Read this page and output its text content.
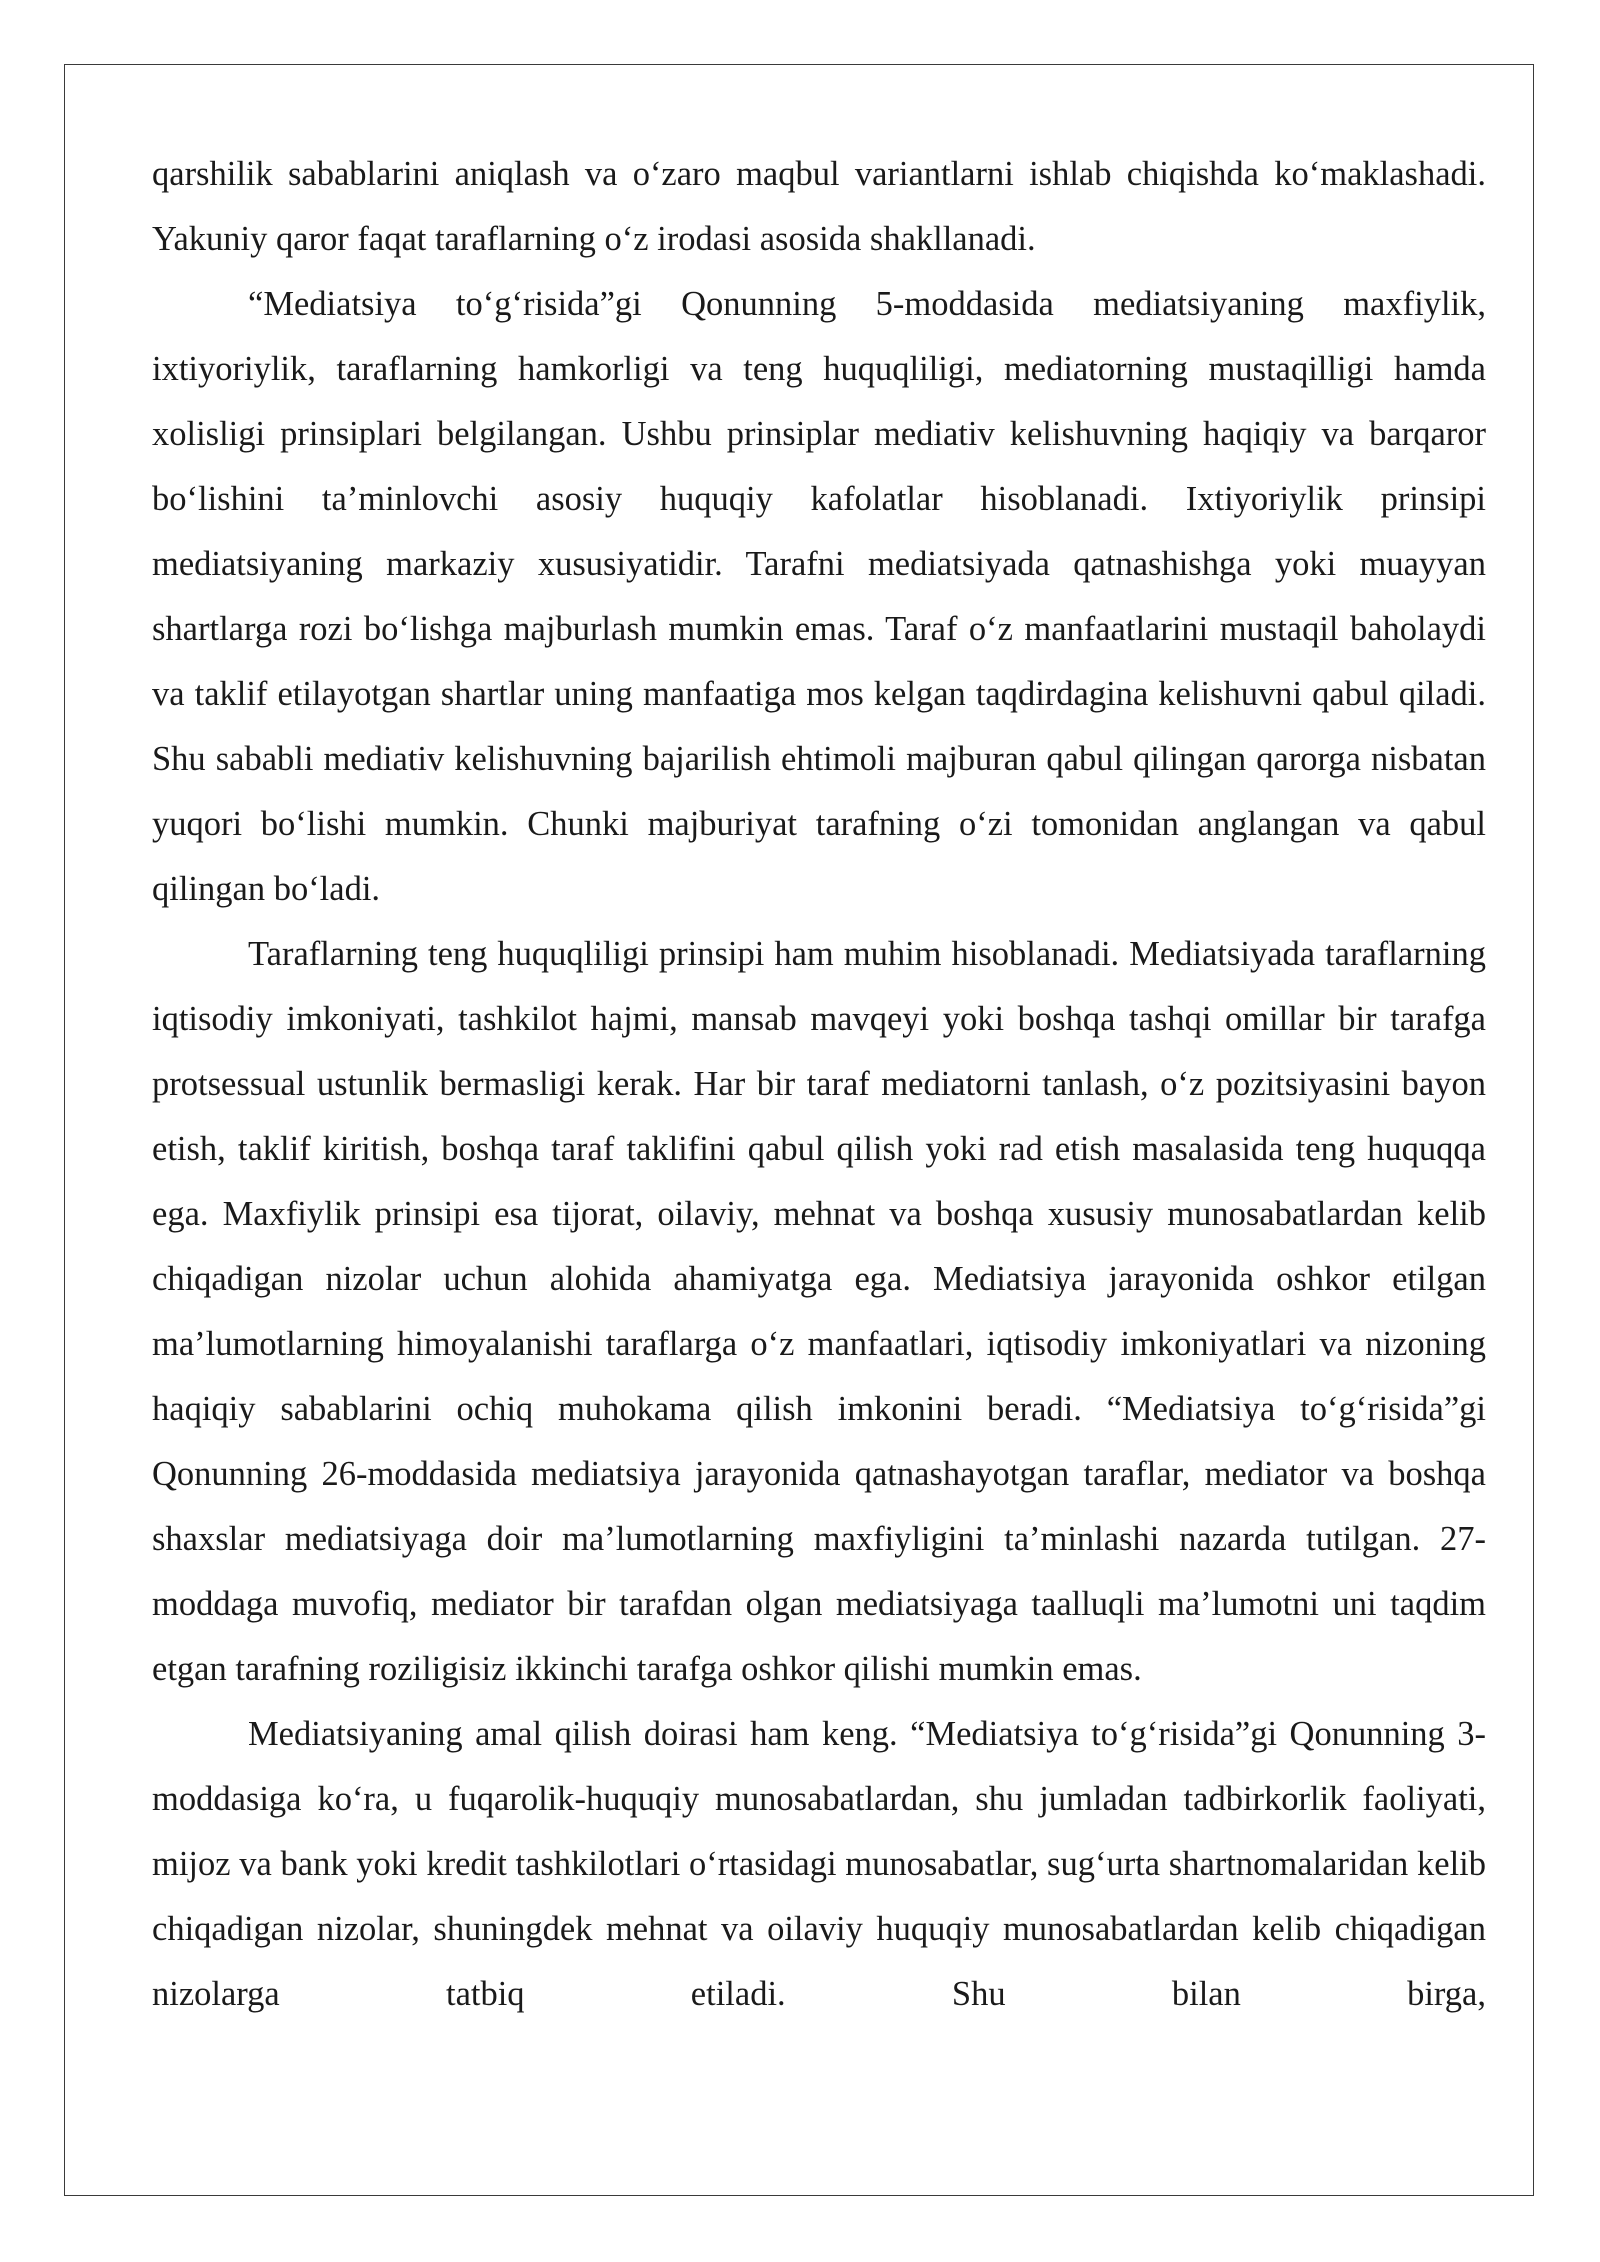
qarshilik sabablarini aniqlash va o‘zaro maqbul variantlarni ishlab chiqishda ko‘maklashadi. Yakuniy qaror faqat taraflarning o‘z irodasi asosida shakllanadi.

“Mediatsiya to‘g‘risida”gi Qonunning 5-moddasida mediatsiyaning maxfiylik, ixtiyoriylik, taraflarning hamkorligi va teng huquqliligi, mediatorning mustaqilligi hamda xolisligi prinsiplari belgilangan. Ushbu prinsiplar mediativ kelishuvning haqiqiy va barqaror bo‘lishini ta’minlovchi asosiy huquqiy kafolatlar hisoblanadi. Ixtiyoriylik prinsipi mediatsiyaning markaziy xususiyatidir. Tarafni mediatsiyada qatnashishga yoki muayyan shartlarga rozi bo‘lishga majburlash mumkin emas. Taraf o‘z manfaatlarini mustaqil baholaydi va taklif etilayotgan shartlar uning manfaatiga mos kelgan taqdirdagina kelishuvni qabul qiladi. Shu sababli mediativ kelishuvning bajarilish ehtimoli majburan qabul qilingan qarorga nisbatan yuqori bo‘lishi mumkin. Chunki majburiyat tarafning o‘zi tomonidan anglangan va qabul qilingan bo‘ladi.

Taraflarning teng huquqliligi prinsipi ham muhim hisoblanadi. Mediatsiyada taraflarning iqtisodiy imkoniyati, tashkilot hajmi, mansab mavqeyi yoki boshqa tashqi omillar bir tarafga protsessual ustunlik bermasligi kerak. Har bir taraf mediatorni tanlash, o‘z pozitsiyasini bayon etish, taklif kiritish, boshqa taraf taklifini qabul qilish yoki rad etish masalasida teng huquqqa ega. Maxfiylik prinsipi esa tijorat, oilaviy, mehnat va boshqa xususiy munosabatlardan kelib chiqadigan nizolar uchun alohida ahamiyatga ega. Mediatsiya jarayonida oshkor etilgan ma’lumotlarning himoyalanishi taraflarga o‘z manfaatlari, iqtisodiy imkoniyatlari va nizoning haqiqiy sabablarini ochiq muhokama qilish imkonini beradi. “Mediatsiya to‘g‘risida”gi Qonunning 26-moddasida mediatsiya jarayonida qatnashayotgan taraflar, mediator va boshqa shaxslar mediatsiyaga doir ma’lumotlarning maxfiyligini ta’minlashi nazarda tutilgan. 27-moddaga muvofiq, mediator bir tarafdan olgan mediatsiyaga taalluqli ma’lumotni uni taqdim etgan tarafning roziligisiz ikkinchi tarafga oshkor qilishi mumkin emas.

Mediatsiyaning amal qilish doirasi ham keng. “Mediatsiya to‘g‘risida”gi Qonunning 3-moddasiga ko‘ra, u fuqarolik-huquqiy munosabatlardan, shu jumladan tadbirkorlik faoliyati, mijoz va bank yoki kredit tashkilotlari o‘rtasidagi munosabatlar, sug‘urta shartnomalaridan kelib chiqadigan nizolar, shuningdek mehnat va oilaviy huquqiy munosabatlardan kelib chiqadigan nizolarga tatbiq etiladi. Shu bilan birga,
